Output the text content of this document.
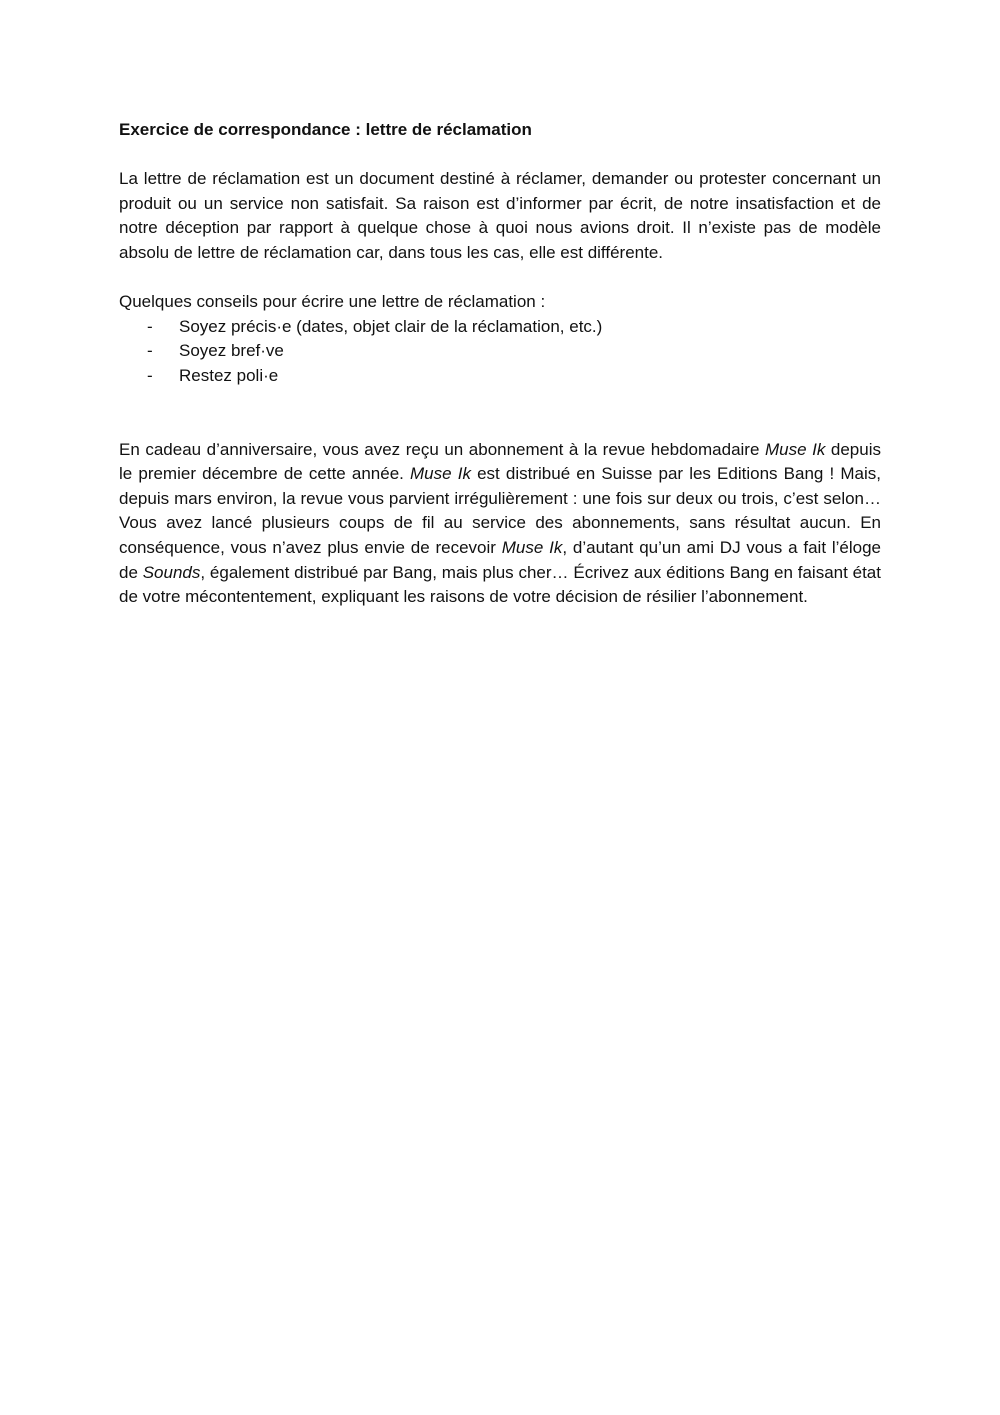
Exercice de correspondance : lettre de réclamation

La lettre de réclamation est un document destiné à réclamer, demander ou protester concernant un produit ou un service non satisfait. Sa raison est d’informer par écrit, de notre insatisfaction et de notre déception par rapport à quelque chose à quoi nous avions droit. Il n’existe pas de modèle absolu de lettre de réclamation car, dans tous les cas, elle est différente.

Quelques conseils pour écrire une lettre de réclamation :

- Soyez précis·e (dates, objet clair de la réclamation, etc.)
- Soyez bref·ve
- Restez poli·e

En cadeau d’anniversaire, vous avez reçu un abonnement à la revue hebdomadaire Muse Ik depuis le premier décembre de cette année. Muse Ik est distribué en Suisse par les Editions Bang ! Mais, depuis mars environ, la revue vous parvient irrégulièrement : une fois sur deux ou trois, c’est selon… Vous avez lancé plusieurs coups de fil au service des abonnements, sans résultat aucun. En conséquence, vous n’avez plus envie de recevoir Muse Ik, d’autant qu’un ami DJ vous a fait l’éloge de Sounds, également distribué par Bang, mais plus cher… Écrivez aux éditions Bang en faisant état de votre mécontentement, expliquant les raisons de votre décision de résilier l’abonnement.
